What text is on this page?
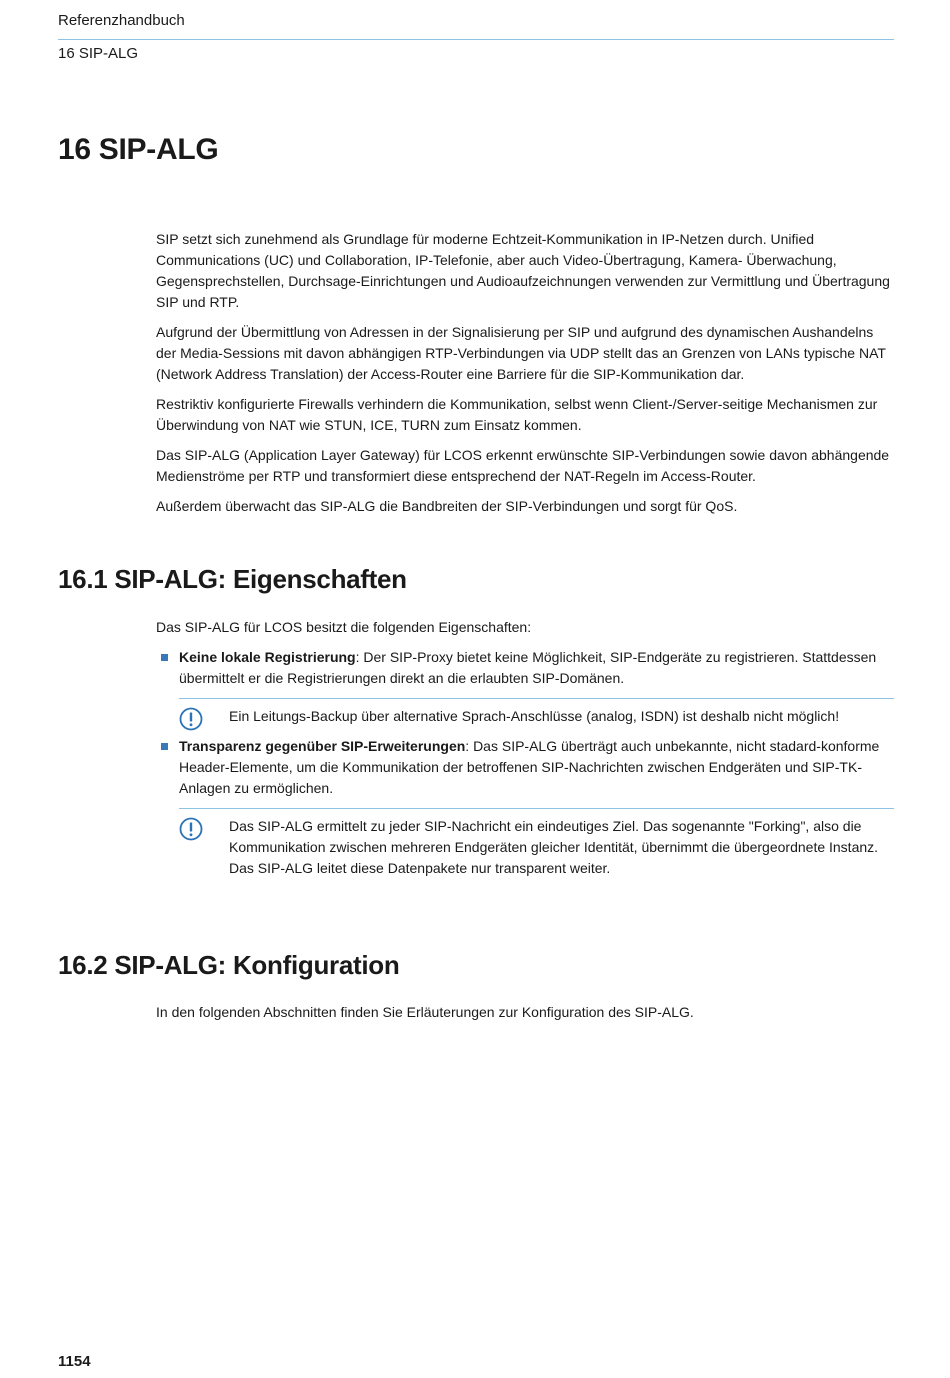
Referenzhandbuch
16 SIP-ALG
16 SIP-ALG

SIP setzt sich zunehmend als Grundlage für moderne Echtzeit-Kommunikation in IP-Netzen durch. Unified Communications (UC) und Collaboration, IP-Telefonie, aber auch Video-Übertragung, Kamera- Überwachung, Gegensprechstellen, Durchsage-Einrichtungen und Audioaufzeichnungen verwenden zur Vermittlung und Übertragung SIP und RTP.

Aufgrund der Übermittlung von Adressen in der Signalisierung per SIP und aufgrund des dynamischen Aushandelns der Media-Sessions mit davon abhängigen RTP-Verbindungen via UDP stellt das an Grenzen von LANs typische NAT (Network Address Translation) der Access-Router eine Barriere für die SIP-Kommunikation dar.

Restriktiv konfigurierte Firewalls verhindern die Kommunikation, selbst wenn Client-/Server-seitige Mechanismen zur Überwindung von NAT wie STUN, ICE, TURN zum Einsatz kommen.

Das SIP-ALG (Application Layer Gateway) für LCOS erkennt erwünschte SIP-Verbindungen sowie davon abhängende Medienströme per RTP und transformiert diese entsprechend der NAT-Regeln im Access-Router.

Außerdem überwacht das SIP-ALG die Bandbreiten der SIP-Verbindungen und sorgt für QoS.

16.1 SIP-ALG: Eigenschaften

Das SIP-ALG für LCOS besitzt die folgenden Eigenschaften:

Keine lokale Registrierung: Der SIP-Proxy bietet keine Möglichkeit, SIP-Endgeräte zu registrieren. Stattdessen übermittelt er die Registrierungen direkt an die erlaubten SIP-Domänen.
Ein Leitungs-Backup über alternative Sprach-Anschlüsse (analog, ISDN) ist deshalb nicht möglich!
Transparenz gegenüber SIP-Erweiterungen: Das SIP-ALG überträgt auch unbekannte, nicht stadard-konforme Header-Elemente, um die Kommunikation der betroffenen SIP-Nachrichten zwischen Endgeräten und SIP-TK-Anlagen zu ermöglichen.
Das SIP-ALG ermittelt zu jeder SIP-Nachricht ein eindeutiges Ziel. Das sogenannte "Forking", also die Kommunikation zwischen mehreren Endgeräten gleicher Identität, übernimmt die übergeordnete Instanz. Das SIP-ALG leitet diese Datenpakete nur transparent weiter.
16.2 SIP-ALG: Konfiguration

In den folgenden Abschnitten finden Sie Erläuterungen zur Konfiguration des SIP-ALG.

1154
